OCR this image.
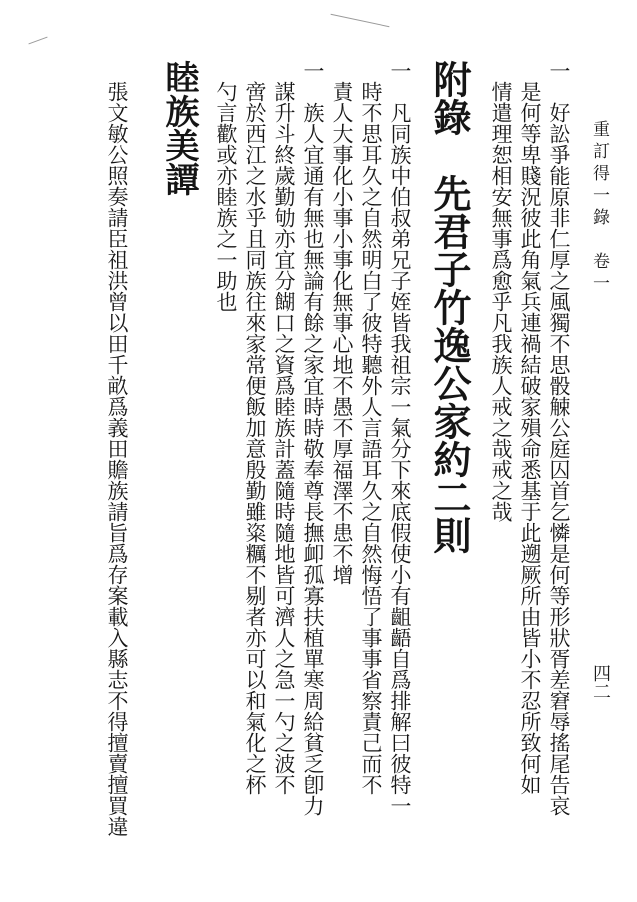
重訂得一錄　卷一
四二
一　好訟爭能原非仁厚之風獨不思骰觫公庭囚首乞憐是何等形狀胥差窘辱搖尾告哀
　是何等卑賤況彼此角氣兵連禍結破家殞命悉基于此遡厥所由皆小不忍所致何如
　情遣理恕相安無事爲愈乎凡我族人戒之哉戒之哉
附錄　先君子竹逸公家約二則
一　凡同族中伯叔弟兄子姪皆我祖宗一氣分下來底假使小有齟齬自爲排解曰彼特一
　時不思耳久之自然明白了彼特聽外人言語耳久之自然悔悟了事事省察責己而不
　責人大事化小事小事化無事心地不愚不厚福澤不患不增
一　族人宜通有無也無論有餘之家宜時時敬奉尊長撫卹孤寡扶植單寒周給貧乏卽力
　謀升斗終歲勤劬亦宜分餬口之資爲睦族計蓋隨時隨地皆可濟人之急一勺之波不
　啻於西江之水乎且同族往來家常便飯加意殷勤雖粢糲不剔者亦可以和氣化之杯
　勺言歡或亦睦族之一助也
睦族美譚
　張文敏公照奏請臣祖洪曾以田千畝爲義田贍族請旨爲存案載入縣志不得擅賣擅買違
